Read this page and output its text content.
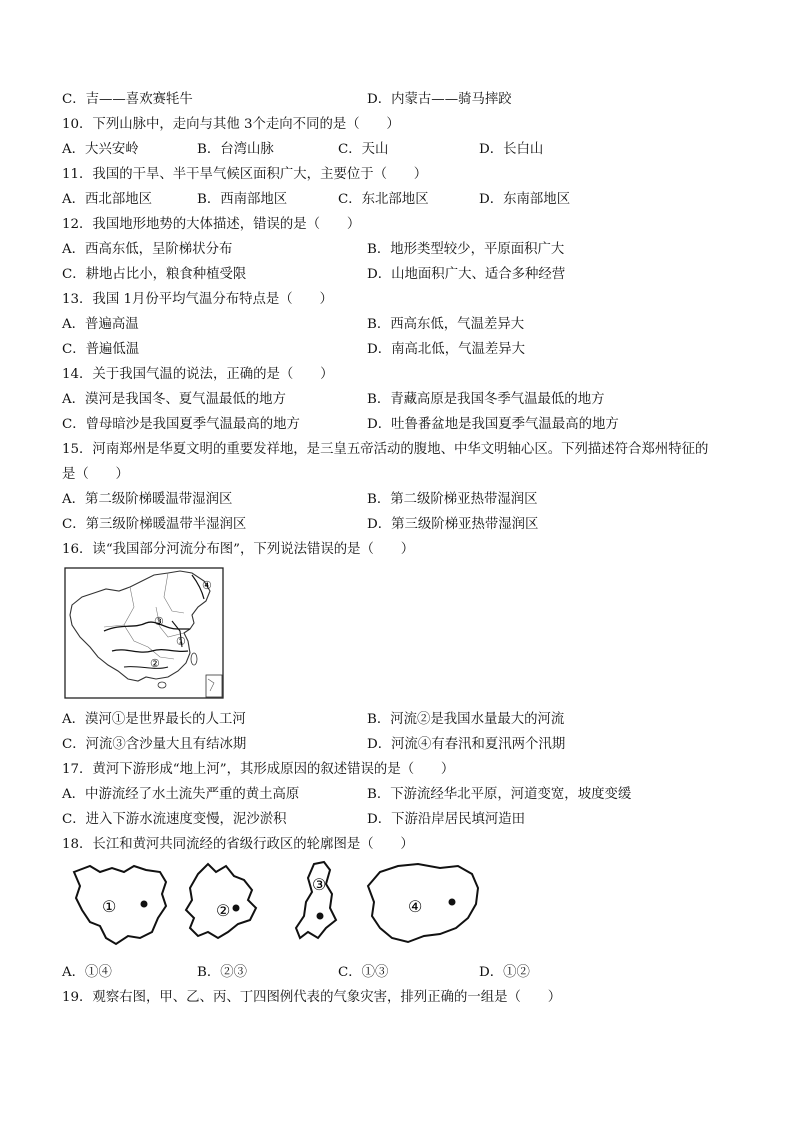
C．吉——喜欢赛牦牛	D．内蒙古——骑马摔跤
10．下列山脉中，走向与其他 3个走向不同的是（　　）
A．大兴安岭	B．台湾山脉	C．天山	D．长白山
11．我国的干旱、半干旱气候区面积广大，主要位于（　　）
A．西北部地区	B．西南部地区	C．东北部地区	D．东南部地区
12．我国地形地势的大体描述，错误的是（　　）
A．西高东低，呈阶梯状分布	B．地形类型较少，平原面积广大
C．耕地占比小，粮食种植受限	D．山地面积广大、适合多种经营
13．我国 1月份平均气温分布特点是（　　）
A．普遍高温	B．西高东低，气温差异大
C．普遍低温	D．南高北低，气温差异大
14．关于我国气温的说法，正确的是（　　）
A．漠河是我国冬、夏气温最低的地方	B．青藏高原是我国冬季气温最低的地方
C．曾母暗沙是我国夏季气温最高的地方	D．吐鲁番盆地是我国夏季气温最高的地方
15．河南郑州是华夏文明的重要发祥地，是三皇五帝活动的腹地、中华文明轴心区。下列描述符合郑州特征的
是（　　）
A．第二级阶梯暖温带湿润区	B．第二级阶梯亚热带湿润区
C．第三级阶梯暖温带半湿润区	D．第三级阶梯亚热带湿润区
16．读“我国部分河流分布图”，下列说法错误的是（　　）
④
③
①
②
A．漠河①是世界最长的人工河	B．河流②是我国水量最大的河流
C．河流③含沙量大且有结冰期	D．河流④有春汛和夏汛两个汛期
17．黄河下游形成“地上河”，其形成原因的叙述错误的是（　　）
A．中游流经了水土流失严重的黄土高原	B．下游流经华北平原，河道变宽，坡度变缓
C．进入下游水流速度变慢，泥沙淤积	D．下游沿岸居民填河造田
18．长江和黄河共同流经的省级行政区的轮廓图是（　　）
①	②
③
④
A．①④	B．②③	C．①③	D．①②
19．观察右图，甲、乙、丙、丁四图例代表的气象灾害，排列正确的一组是（　　）
